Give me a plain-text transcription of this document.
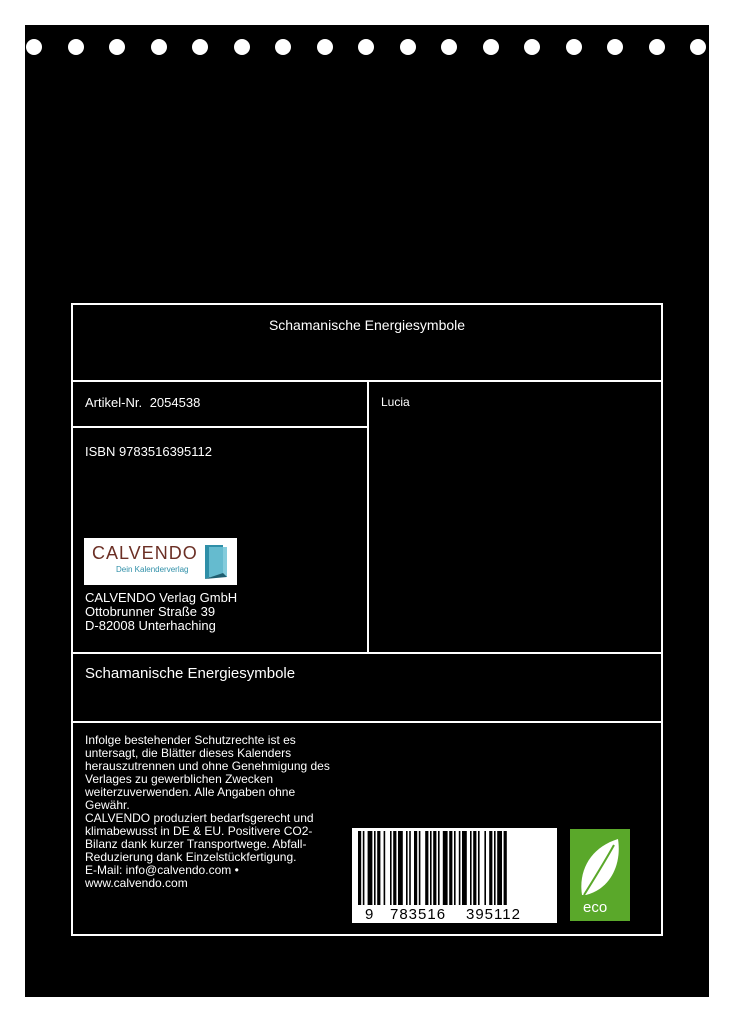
Schamanische Energiesymbole
Artikel-Nr. 2054538	Lucia
ISBN 9783516395112
CALVENDO
Dein Kalenderverlag
CALVENDO Verlag GmbH
Ottobrunner Straße 39
D-82008 Unterhaching
Schamanische Energiesymbole
Infolge bestehender Schutzrechte ist es
untersagt, die Blätter dieses Kalenders
herauszutrennen und ohne Genehmigung des
Verlages zu gewerblichen Zwecken
weiterzuverwenden. Alle Angaben ohne
Gewähr.
CALVENDO produziert bedarfsgerecht und
klimabewusst in DE & EU. Positivere CO2-
Bilanz dank kurzer Transportwege. Abfall-
Reduzierung dank Einzelstückfertigung.
E-Mail: info@calvendo.com •
www.calvendo.com
9 783516 395112	eco
